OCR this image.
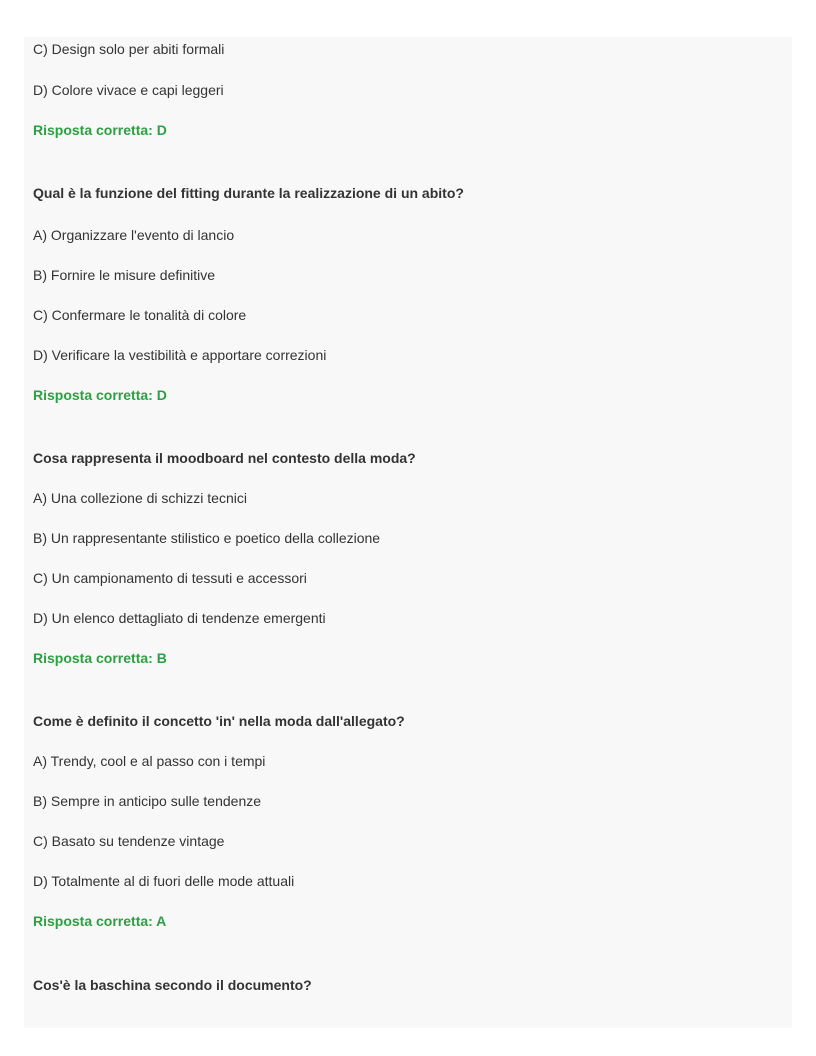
C) Design solo per abiti formali
D) Colore vivace e capi leggeri
Risposta corretta: D
Qual è la funzione del fitting durante la realizzazione di un abito?
A) Organizzare l'evento di lancio
B) Fornire le misure definitive
C) Confermare le tonalità di colore
D) Verificare la vestibilità e apportare correzioni
Risposta corretta: D
Cosa rappresenta il moodboard nel contesto della moda?
A) Una collezione di schizzi tecnici
B) Un rappresentante stilistico e poetico della collezione
C) Un campionamento di tessuti e accessori
D) Un elenco dettagliato di tendenze emergenti
Risposta corretta: B
Come è definito il concetto 'in' nella moda dall'allegato?
A) Trendy, cool e al passo con i tempi
B) Sempre in anticipo sulle tendenze
C) Basato su tendenze vintage
D) Totalmente al di fuori delle mode attuali
Risposta corretta: A
Cos'è la baschina secondo il documento?
